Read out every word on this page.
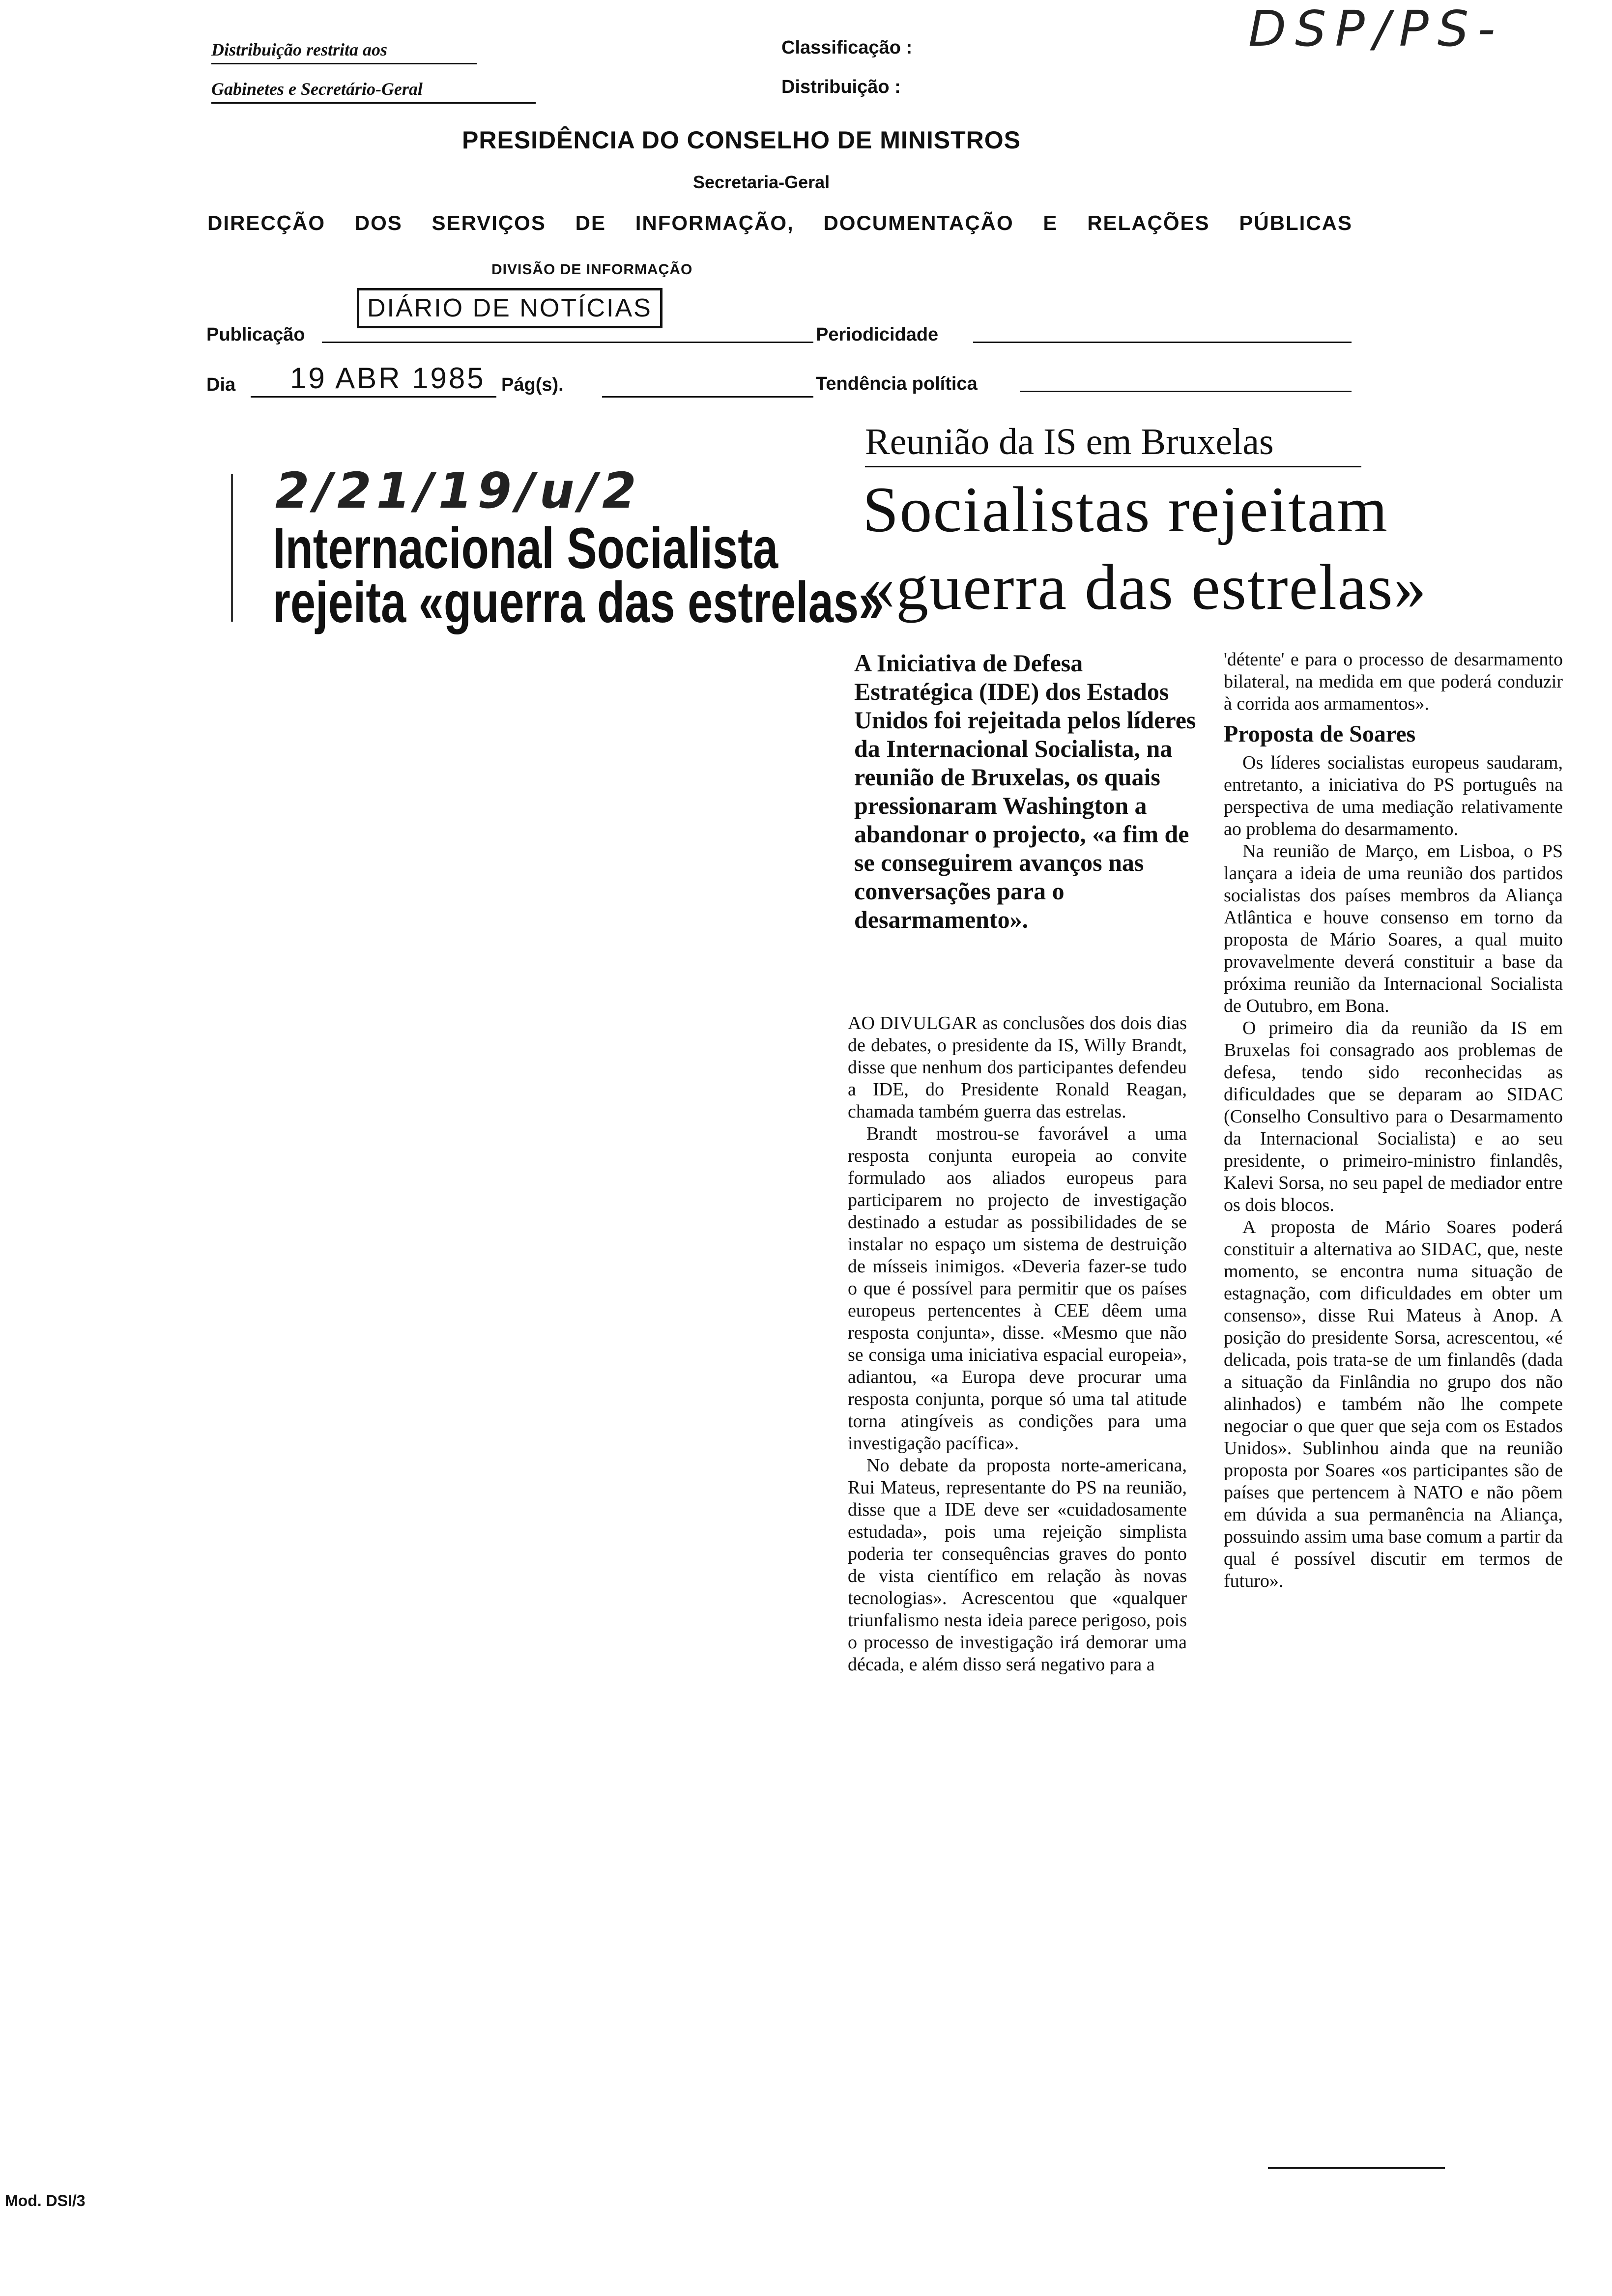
Distribuição restrita aos
Gabinetes e Secretário-Geral
Classificação :
Distribuição :
DSP/PS-
PRESIDÊNCIA DO CONSELHO DE MINISTROS
Secretaria-Geral
DIRECÇÃO DOS SERVIÇOS DE INFORMAÇÃO, DOCUMENTAÇÃO E RELAÇÕES PÚBLICAS
DIVISÃO DE INFORMAÇÃO
Publicação
DIÁRIO DE NOTÍCIAS
Periodicidade
Dia 19 ABR 1985 Pág(s).	Tendência política
2/21/19/u/2
Internacional Socialista
rejeita «guerra das estrelas»
Reunião da IS em Bruxelas
Socialistas rejeitam
«guerra das estrelas»
A Iniciativa de Defesa Estratégica (IDE) dos Estados Unidos foi rejeitada pelos líderes da Internacional Socialista, na reunião de Bruxelas, os quais pressionaram Washington a abandonar o projecto, «a fim de se conseguirem avanços nas conversações para o desarmamento».

AO DIVULGAR as conclusões dos dois dias de debates, o presidente da IS, Willy Brandt, disse que nenhum dos participantes defendeu a IDE, do Presidente Ronald Reagan, chamada também guerra das estrelas.

Brandt mostrou-se favorável a uma resposta conjunta europeia ao convite formulado aos aliados europeus para participarem no projecto de investigação destinado a estudar as possibilidades de se instalar no espaço um sistema de destruição de mísseis inimigos. «Deveria fazer-se tudo o que é possível para permitir que os países europeus pertencentes à CEE dêem uma resposta conjunta», disse. «Mesmo que não se consiga uma iniciativa espacial europeia», adiantou, «a Europa deve procurar uma resposta conjunta, porque só uma tal atitude torna atingíveis as condições para uma investigação pacífica».

No debate da proposta norte-americana, Rui Mateus, representante do PS na reunião, disse que a IDE deve ser «cuidadosamente estudada», pois uma rejeição simplista poderia ter consequências graves do ponto de vista científico em relação às novas tecnologias». Acrescentou que «qualquer triunfalismo nesta ideia parece perigoso, pois o processo de investigação irá demorar uma década, e além disso será negativo para a

'détente' e para o processo de desarmamento bilateral, na medida em que poderá conduzir à corrida aos armamentos».

Proposta de Soares

Os líderes socialistas europeus saudaram, entretanto, a iniciativa do PS português na perspectiva de uma mediação relativamente ao problema do desarmamento.

Na reunião de Março, em Lisboa, o PS lançara a ideia de uma reunião dos partidos socialistas dos países membros da Aliança Atlântica e houve consenso em torno da proposta de Mário Soares, a qual muito provavelmente deverá constituir a base da próxima reunião da Internacional Socialista de Outubro, em Bona.

O primeiro dia da reunião da IS em Bruxelas foi consagrado aos problemas de defesa, tendo sido reconhecidas as dificuldades que se deparam ao SIDAC (Conselho Consultivo para o Desarmamento da Internacional Socialista) e ao seu presidente, o primeiro-ministro finlandês, Kalevi Sorsa, no seu papel de mediador entre os dois blocos.

A proposta de Mário Soares poderá constituir a alternativa ao SIDAC, que, neste momento, se encontra numa situação de estagnação, com dificuldades em obter um consenso», disse Rui Mateus à Anop. A posição do presidente Sorsa, acrescentou, «é delicada, pois trata-se de um finlandês (dada a situação da Finlândia no grupo dos não alinhados) e também não lhe compete negociar o que quer que seja com os Estados Unidos». Sublinhou ainda que na reunião proposta por Soares «os participantes são de países que pertencem à NATO e não põem em dúvida a sua permanência na Aliança, possuindo assim uma base comum a partir da qual é possível discutir em termos de futuro».

Mod. DSI/3
